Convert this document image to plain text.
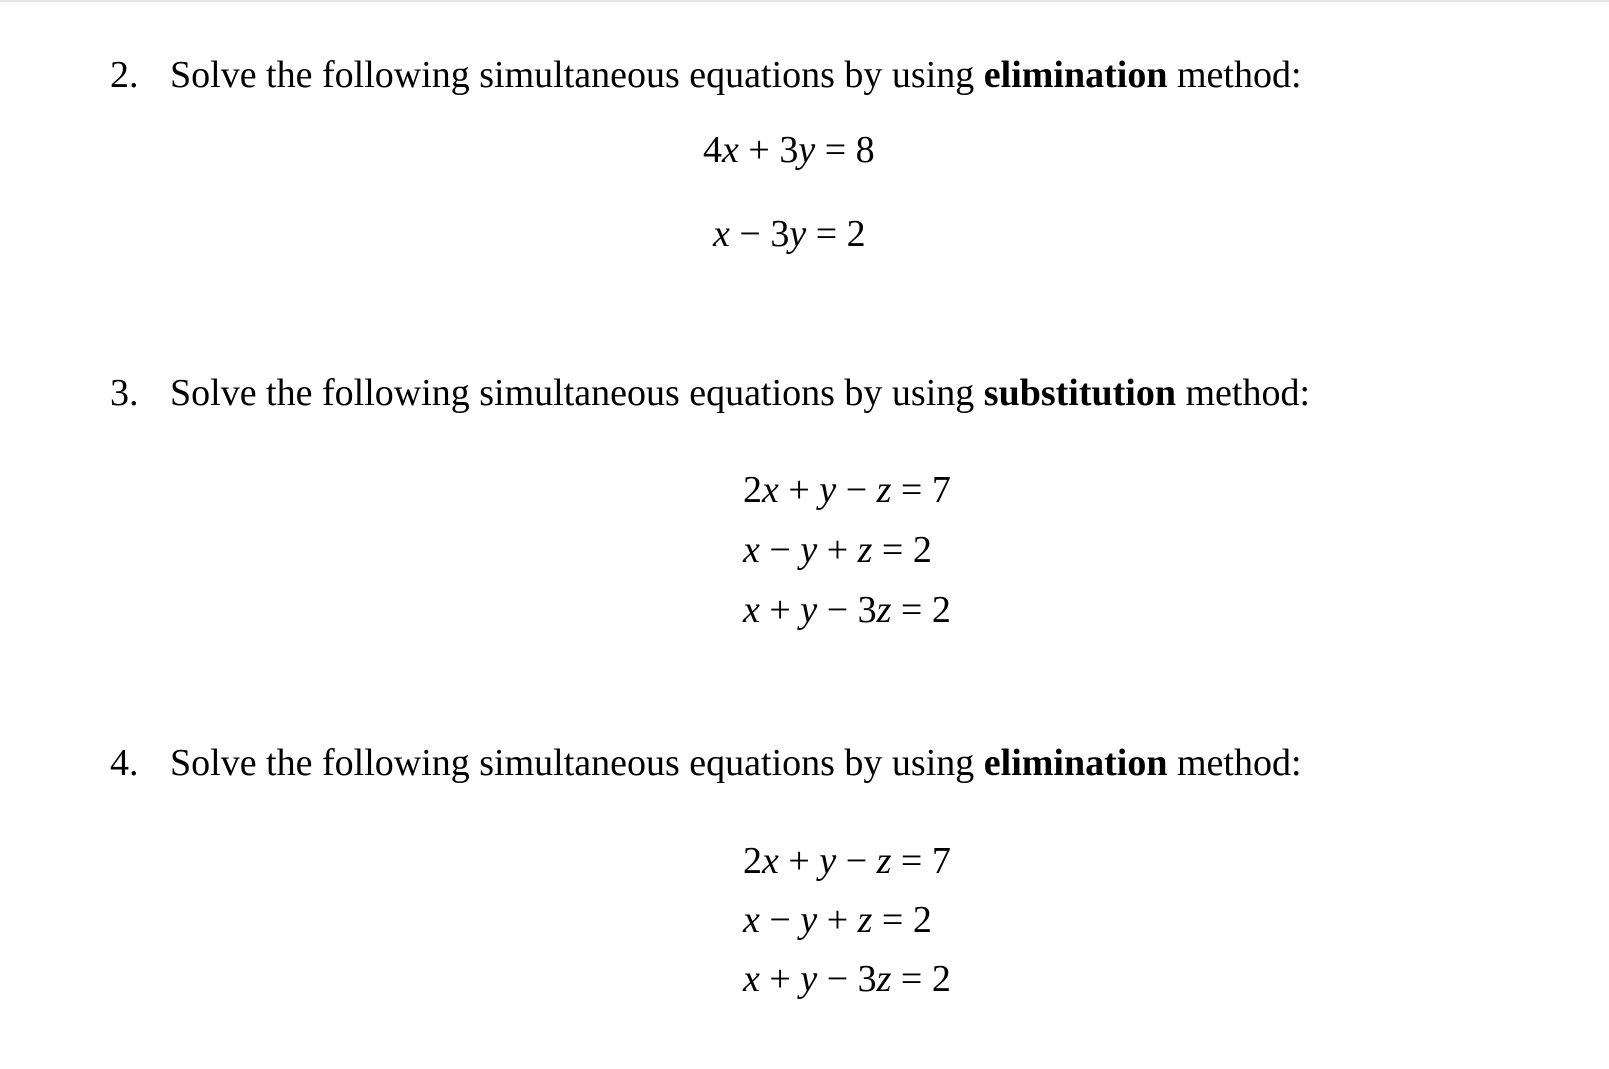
2. Solve the following simultaneous equations by using elimination method:
4x + 3y = 8
x − 3y = 2
3. Solve the following simultaneous equations by using substitution method:
2x + y − z = 7
x − y + z = 2
x + y − 3z = 2
4. Solve the following simultaneous equations by using elimination method:
2x + y − z = 7
x − y + z = 2
x + y − 3z = 2
